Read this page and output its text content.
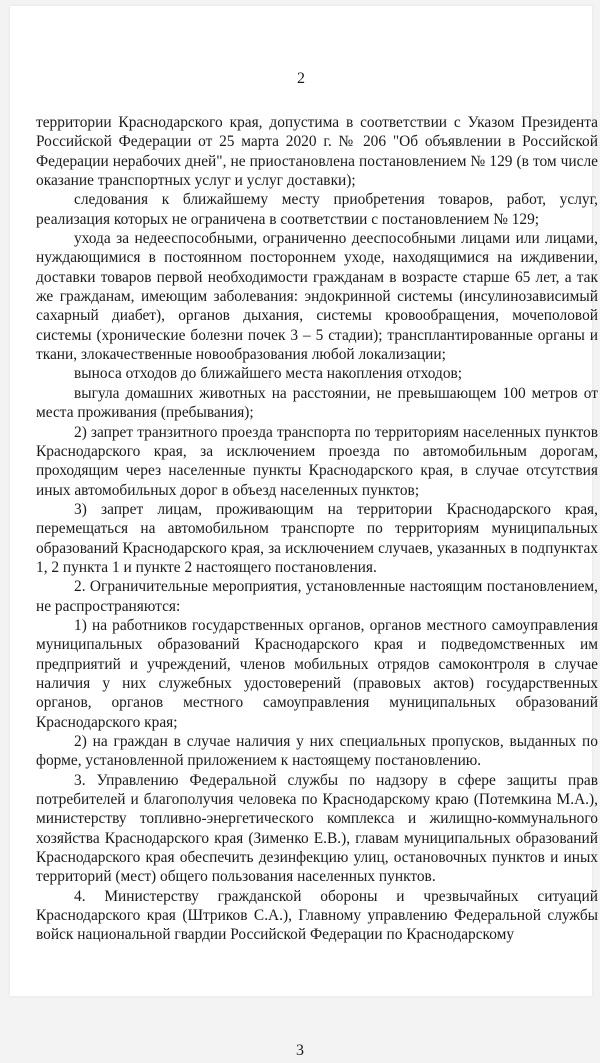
2

территории Краснодарского края, допустима в соответствии с Указом Президента Российской Федерации от 25 марта 2020 г. № 206 "Об объявлении в Российской Федерации нерабочих дней", не приостановлена постановлением № 129 (в том числе оказание транспортных услуг и услуг доставки);

следования к ближайшему месту приобретения товаров, работ, услуг, реализация которых не ограничена в соответствии с постановлением № 129;

ухода за недееспособными, ограниченно дееспособными лицами или лицами, нуждающимися в постоянном постороннем уходе, находящимися на иждивении, доставки товаров первой необходимости гражданам в возрасте старше 65 лет, а так же гражданам, имеющим заболевания: эндокринной системы (инсулинозависимый сахарный диабет), органов дыхания, системы кровообращения, мочеполовой системы (хронические болезни почек 3 – 5 стадии); трансплантированные органы и ткани, злокачественные новообразования любой локализации;

выноса отходов до ближайшего места накопления отходов;

выгула домашних животных на расстоянии, не превышающем 100 метров от места проживания (пребывания);

2) запрет транзитного проезда транспорта по территориям населенных пунктов Краснодарского края, за исключением проезда по автомобильным дорогам, проходящим через населенные пункты Краснодарского края, в случае отсутствия иных автомобильных дорог в объезд населенных пунктов;

3) запрет лицам, проживающим на территории Краснодарского края, перемещаться на автомобильном транспорте по территориям муниципальных образований Краснодарского края, за исключением случаев, указанных в подпунктах 1, 2 пункта 1 и пункте 2 настоящего постановления.

2. Ограничительные мероприятия, установленные настоящим постановлением, не распространяются:

1) на работников государственных органов, органов местного самоуправления муниципальных образований Краснодарского края и подведомственных им предприятий и учреждений, членов мобильных отрядов самоконтроля в случае наличия у них служебных удостоверений (правовых актов) государственных органов, органов местного самоуправления муниципальных образований Краснодарского края;

2) на граждан в случае наличия у них специальных пропусков, выданных по форме, установленной приложением к настоящему постановлению.

3. Управлению Федеральной службы по надзору в сфере защиты прав потребителей и благополучия человека по Краснодарскому краю (Потемкина М.А.), министерству топливно-энергетического комплекса и жилищно-коммунального хозяйства Краснодарского края (Зименко Е.В.), главам муниципальных образований Краснодарского края обеспечить дезинфекцию улиц, остановочных пунктов и иных территорий (мест) общего пользования населенных пунктов.

4. Министерству гражданской обороны и чрезвычайных ситуаций Краснодарского края (Штриков С.А.), Главному управлению Федеральной службы войск национальной гвардии Российской Федерации по Краснодарскому

3
